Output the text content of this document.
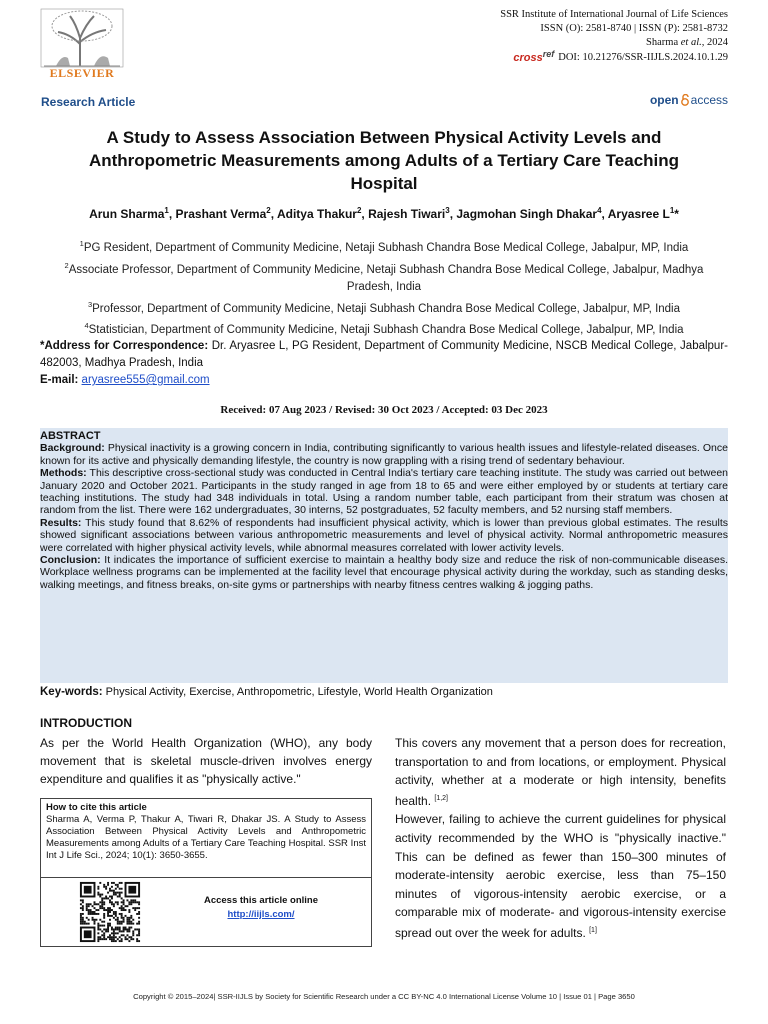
ELSEVIER
SSR Institute of International Journal of Life Sciences
ISSN (O): 2581-8740 | ISSN (P): 2581-8732
Sharma et al., 2024
cross$^{ref}$ DOI: 10.21276/SSR-IIJLS.2024.10.1.29
Research Article	open access
A Study to Assess Association Between Physical Activity Levels and Anthropometric Measurements among Adults of a Tertiary Care Teaching Hospital
Arun Sharma$^1$, Prashant Verma$^2$, Aditya Thakur$^2$, Rajesh Tiwari$^3$, Jagmohan Singh Dhakar$^4$, Aryasree $L^1*$
$^1$PG Resident, Department of Community Medicine, Netaji Subhash Chandra Bose Medical College, Jabalpur, MP, India
$^2$Associate Professor, Department of Community Medicine, Netaji Subhash Chandra Bose Medical College, Jabalpur, Madhya Pradesh, India
$^3$Professor, Department of Community Medicine, Netaji Subhash Chandra Bose Medical College, Jabalpur, MP, India
$^4$Statistician, Department of Community Medicine, Netaji Subhash Chandra Bose Medical College, Jabalpur, MP, India
*Address for Correspondence: Dr. Aryasree L, PG Resident, Department of Community Medicine, NSCB Medical College, Jabalpur-482003, Madhya Pradesh, India
E-mail: aryasree555@gmail.com
Received: 07 Aug 2023 / Revised: 30 Oct 2023 / Accepted: 03 Dec 2023
ABSTRACT

Background: Physical inactivity is a growing concern in India, contributing significantly to various health issues and lifestyle-related diseases. Once known for its active and physically demanding lifestyle, the country is now grappling with a rising trend of sedentary behaviour.

Methods: This descriptive cross-sectional study was conducted in Central India's tertiary care teaching institute. The study was carried out between January 2020 and October 2021. Participants in the study ranged in age from 18 to 65 and were either employed by or students at tertiary care teaching institutions. The study had 348 individuals in total. Using a random number table, each participant from their stratum was chosen at random from the list. There were 162 undergraduates, 30 interns, 52 postgraduates, 52 faculty members, and 52 nursing staff members.

Results: This study found that 8.62% of respondents had insufficient physical activity, which is lower than previous global estimates. The results showed significant associations between various anthropometric measurements and level of physical activity. Normal anthropometric measures were correlated with higher physical activity levels, while abnormal measures correlated with lower activity levels.

Conclusion: It indicates the importance of sufficient exercise to maintain a healthy body size and reduce the risk of non-communicable diseases. Workplace wellness programs can be implemented at the facility level that encourage physical activity during the workday, such as standing desks, walking meetings, and fitness breaks, on-site gyms or partnerships with nearby fitness centres walking & jogging paths.

Key-words: Physical Activity, Exercise, Anthropometric, Lifestyle, World Health Organization
INTRODUCTION
As per the World Health Organization (WHO), any body movement that is skeletal muscle-driven involves energy expenditure and qualifies it as "physically active."
This covers any movement that a person does for recreation, transportation to and from locations, or employment. Physical activity, whether at a moderate or high intensity, benefits health. [1,2]
However, failing to achieve the current guidelines for physical activity recommended by the WHO is "physically inactive." This can be defined as fewer than 150–300 minutes of moderate-intensity aerobic exercise, less than 75–150 minutes of vigorous-intensity aerobic exercise, or a comparable mix of moderate- and vigorous-intensity exercise spread out over the week for adults. [1]
How to cite this article
Sharma A, Verma P, Thakur A, Tiwari R, Dhakar JS. A Study to Assess Association Between Physical Activity Levels and Anthropometric Measurements among Adults of a Tertiary Care Teaching Hospital. SSR Inst Int J Life Sci., 2024; 10(1): 3650-3655.
Access this article online
http://iijls.com/
Copyright © 2015–2024| SSR-IIJLS by Society for Scientific Research under a CC BY-NC 4.0 International License Volume 10 | Issue 01 | Page 3650
